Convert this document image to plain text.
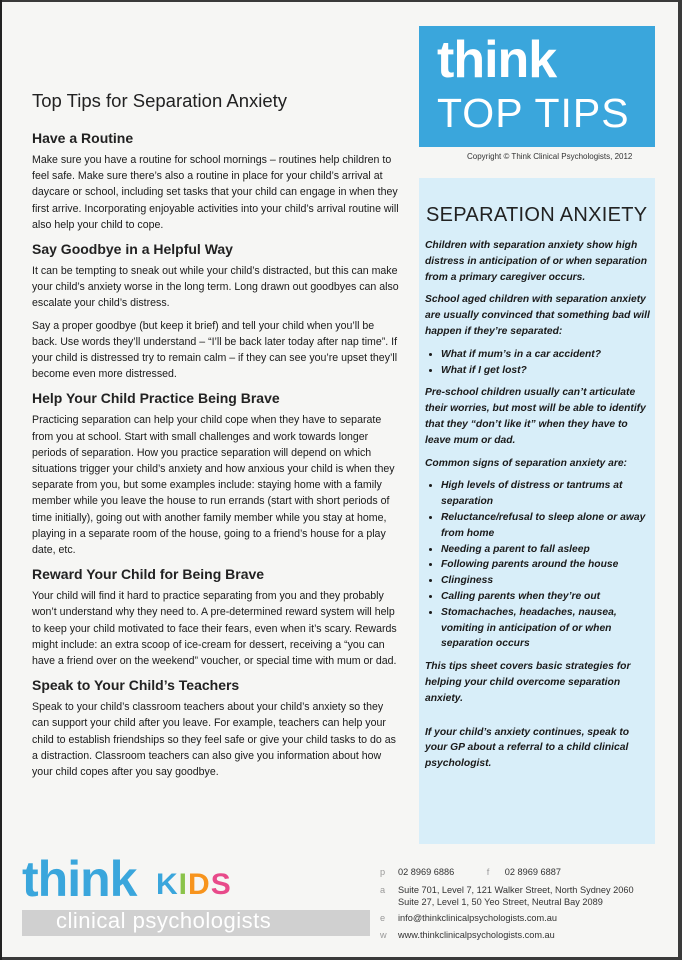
Top Tips for Separation Anxiety
Have a Routine

Make sure you have a routine for school mornings – routines help children to feel safe. Make sure there’s also a routine in place for your child’s arrival at daycare or school, including set tasks that your child can engage in when they first arrive. Incorporating enjoyable activities into your child’s arrival routine will also help your child to cope.

Say Goodbye in a Helpful Way

It can be tempting to sneak out while your child’s distracted, but this can make your child’s anxiety worse in the long term. Long drawn out goodbyes can also escalate your child’s distress.

Say a proper goodbye (but keep it brief) and tell your child when you’ll be back. Use words they’ll understand – “I’ll be back later today after nap time”. If your child is distressed try to remain calm – if they can see you’re upset they’ll become even more distressed.

Help Your Child Practice Being Brave

Practicing separation can help your child cope when they have to separate from you at school. Start with small challenges and work towards longer periods of separation. How you practice separation will depend on which situations trigger your child’s anxiety and how anxious your child is when they separate from you, but some examples include: staying home with a family member while you leave the house to run errands (start with short periods of time initially), going out with another family member while you stay at home, playing in a separate room of the house, going to a friend’s house for a play date, etc.

Reward Your Child for Being Brave

Your child will find it hard to practice separating from you and they probably won’t understand why they need to. A pre-determined reward system will help to keep your child motivated to face their fears, even when it’s scary. Rewards might include: an extra scoop of ice-cream for dessert, receiving a “you can have a friend over on the weekend” voucher, or special time with mum or dad.

Speak to Your Child’s Teachers

Speak to your child’s classroom teachers about your child’s anxiety so they can support your child after you leave. For example, teachers can help your child to establish friendships so they feel safe or give your child tasks to do as a distraction. Classroom teachers can also give you information about how your child copes after you say goodbye.

think
TOP TIPS
Copyright © Think Clinical Psychologists, 2012
SEPARATION ANXIETY

Children with separation anxiety show high distress in anticipation of or when separation from a primary caregiver occurs.

School aged children with separation anxiety are usually convinced that something bad will happen if they’re separated:

• What if mum’s in a car accident?
• What if I get lost?

Pre-school children usually can’t articulate their worries, but most will be able to identify that they “don’t like it” when they have to leave mum or dad.

Common signs of separation anxiety are:

• High levels of distress or tantrums at separation
• Reluctance/refusal to sleep alone or away from home
• Needing a parent to fall asleep
• Following parents around the house
• Clinginess
• Calling parents when they’re out
• Stomachaches, headaches, nausea, vomiting in anticipation of or when separation occurs

This tips sheet covers basic strategies for helping your child overcome separation anxiety.

If your child’s anxiety continues, speak to your GP about a referral to a child clinical psychologist.

think KIDS
clinical psychologists
p 02 8969 6886	f 02 8969 6887
a Suite 701, Level 7, 121 Walker Street, North Sydney 2060
Suite 27, Level 1, 50 Yeo Street, Neutral Bay 2089
e info@thinkclinicalpsychologists.com.au
w www.thinkclinicalpsychologists.com.au
